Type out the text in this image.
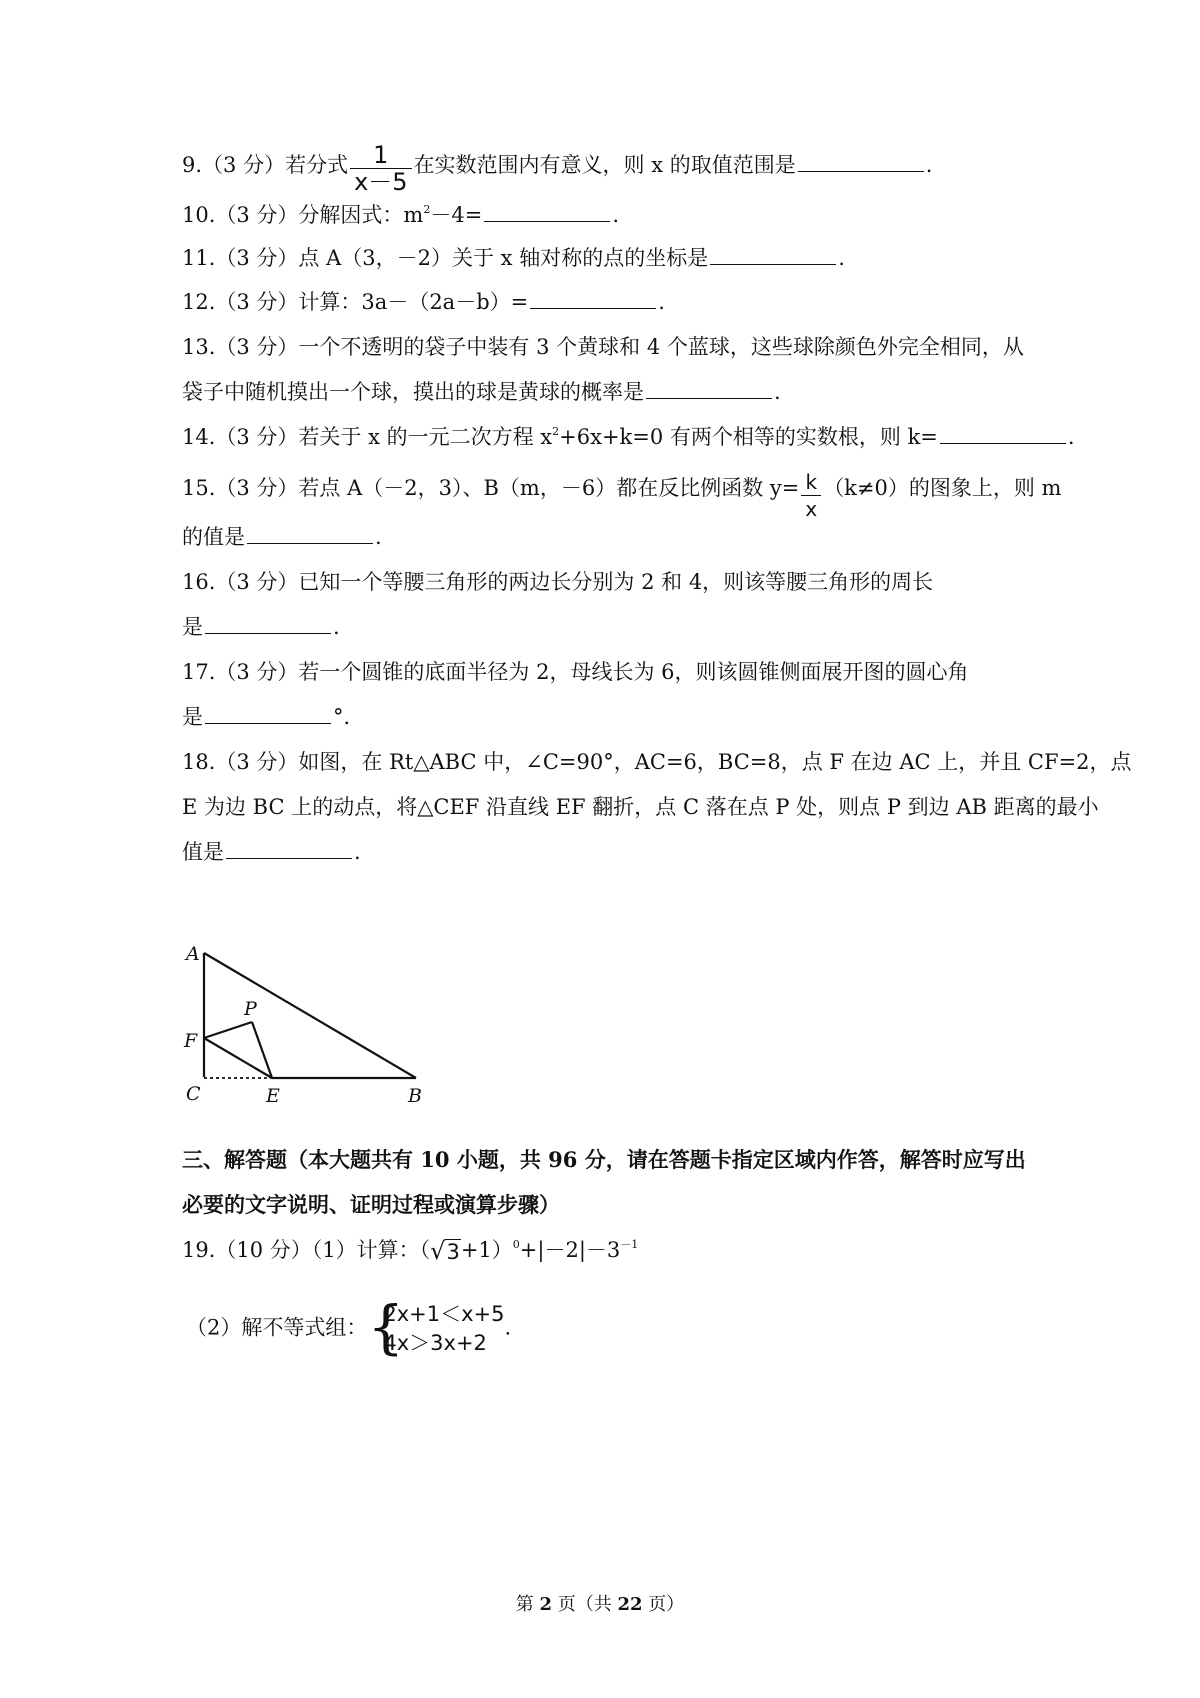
9.（3 分）若分式 $\frac{1}{x-5}$ 在实数范围内有意义，则 x 的取值范围是	.
10.（3 分）分解因式：$m^2-4=$	.
11.（3 分）点 A（3，－2）关于 x 轴对称的点的坐标是	.
12.（3 分）计算：3a－（2a－b）=	.
13.（3 分）一个不透明的袋子中装有 3 个黄球和 4 个蓝球，这些球除颜色外完全相同，从
袋子中随机摸出一个球，摸出的球是黄球的概率是	.
14.（3 分）若关于 x 的一元二次方程 $x^2+6x+k=0$ 有两个相等的实数根，则 k=	.
15.（3 分）若点 A（－2，3）、B（m，－6）都在反比例函数 $y= \frac{k}{x} (k\ne 0)$的图象上，则 m
的值是	.
16.（3 分）已知一个等腰三角形的两边长分别为 2 和 4，则该等腰三角形的周长
是	.
17.（3 分）若一个圆锥的底面半径为 2，母线长为 6，则该圆锥侧面展开图的圆心角
是	°．
18.（3 分）如图，在 Rt△ABC 中，∠C=90°，AC=6，BC=8，点 F 在边 AC 上，并且 CF=2，点
E 为边 BC 上的动点，将△CEF 沿直线 EF 翻折，点 C 落在点 P 处，则点 P 到边 AB 距离的最小
值是	.
A
F
P
C	E	B
三、解答题（本大题共有 10 小题，共 96 分，请在答题卡指定区域内作答，解答时应写出
必要的文字说明、证明过程或演算步骤）
19.（10 分）（1）计算：$(√3+1)^0+|-2|-3^{-1}$
（2）解不等式组： {
2x+1＜x+5
4x＞3x+2
.
第 2 页（共 22 页）
